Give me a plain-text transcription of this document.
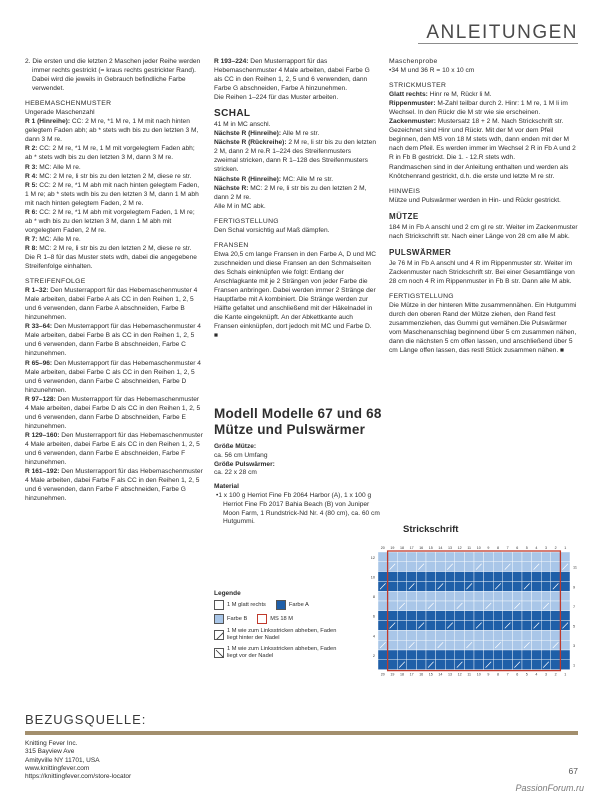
ANLEITUNGEN

2. Die ersten und die letzten 2 Maschen jeder Reihe werden immer rechts gestrickt (= kraus rechts gestrickter Rand). Dabei wird die jeweils in Gebrauch befindliche Farbe verwendet.

HEBEMASCHENMUSTER

Ungerade Maschenzahl

R 1 (Hinreihe): CC: 2 M re, *1 M re, 1 M mit nach hinten gelegtem Faden abh; ab * stets wdh bis zu den letzten 3 M, dann 3 M re.

R 2: CC: 2 M re, *1 M re, 1 M mit vorgelegtem Faden abh; ab * stets wdh bis zu den letzten 3 M, dann 3 M re.

R 3: MC: Alle M re.

R 4: MC: 2 M re, li str bis zu den letzten 2 M, diese re str.

R 5: CC: 2 M re, *1 M abh mit nach hinten gelegtem Faden, 1 M re; ab * stets wdh bis zu den letzten 3 M, dann 1 M abh mit nach hinten gelegtem Faden, 2 M re.

R 6: CC: 2 M re, *1 M abh mit vorgelegtem Faden, 1 M re; ab * wdh bis zu den letzten 3 M, dann 1 M abh mit vorgelegtem Faden, 2 M re.

R 7: MC: Alle M re.

R 8: MC: 2 M re, li str bis zu den letzten 2 M, diese re str.

Die R 1–8 für das Muster stets wdh, dabei die angegebene Streifenfolge einhalten.

STREIFENFOLGE

R 1–32: Den Musterrapport für das Hebemaschenmuster 4 Male arbeiten, dabei Farbe A als CC in den Reihen 1, 2, 5 und 6 verwenden, dann Farbe A abschneiden, Farbe B hinzunehmen.

R 33–64: Den Musterrapport für das Hebemaschenmuster 4 Male arbeiten, dabei Farbe B als CC in den Reihen 1, 2, 5 und 6 verwenden, dann Farbe B abschneiden, Farbe C hinzunehmen.

R 65–96: Den Musterrapport für das Hebemaschenmuster 4 Male arbeiten, dabei Farbe C als CC in den Reihen 1, 2, 5 und 6 verwenden, dann Farbe C abschneiden, Farbe D hinzunehmen.

R 97–128: Den Musterrapport für das Hebemaschenmuster 4 Male arbeiten, dabei Farbe D als CC in den Reihen 1, 2, 5 und 6 verwenden, dann Farbe D abschneiden, Farbe E hinzunehmen.

R 129–160: Den Musterrapport für das Hebemaschenmuster 4 Male arbeiten, dabei Farbe E als CC in den Reihen 1, 2, 5 und 6 verwenden, dann Farbe E abschneiden, Farbe F hinzunehmen.

R 161–192: Den Musterrapport für das Hebemaschenmuster 4 Male arbeiten, dabei Farbe F als CC in den Reihen 1, 2, 5 und 6 verwenden, dann Farbe F abschneiden, Farbe G hinzunehmen.

R 193–224: Den Musterrapport für das Hebemaschenmuster 4 Male arbeiten, dabei Farbe G als CC in den Reihen 1, 2, 5 und 6 verwenden, dann Farbe G abschneiden, Farbe A hinzunehmen.

Die Reihen 1–224 für das Muster arbeiten.

SCHAL

41 M in MC anschl.

Nächste R (Hinreihe): Alle M re str.

Nächste R (Rückreihe): 2 M re, li str bis zu den letzten 2 M, dann 2 M re.R 1–224 des Streifenmusters zweimal stricken, dann R 1–128 des Streifenmusters stricken.

Nächste R (Hinreihe): MC: Alle M re str.

Nächste R: MC: 2 M re, li str bis zu den letzten 2 M, dann 2 M re.

Alle M in MC abk.

FERTIGSTELLUNG

Den Schal vorsichtig auf Maß dämpfen.

FRANSEN

Etwa 20,5 cm lange Fransen in den Farbe A, D und MC zuschneiden und diese Fransen an den Schmalseiten des Schals einknüpfen wie folgt: Entlang der Anschlagkante mit je 2 Strängen von jeder Farbe die Fransen anbringen. Dabei werden immer 2 Stränge der Hauptfarbe mit A kombiniert. Die Stränge werden zur Hälfte gefaltet und anschließend mit der Häkelnadel in die Kante eingeknüpft. An der Abkettkante auch Fransen einknüpfen, dort jedoch mit MC und Farbe D. ■

Modell Modelle 67 und 68 Mütze und Pulswärmer

Größe Mütze:

ca. 56 cm Umfang

Größe Pulswärmer:

ca. 22 x 28 cm

Material

• 1 x 100 g Herriot Fine Fb 2064 Harbor (A), 1 x 100 g Herriot Fine Fb 2017 Bahia Beach (B) von Juniper Moon Farm, 1 Rundstrick-Nd Nr. 4 (80 cm), ca. 60 cm Hutgummi.

Legende
1 M glatt rechts	Farbe A
Farbe B	MS 18 M
1 M wie zum Linksstricken abheben, Faden liegt hinter der Nadel
1 M wie zum Linksstricken abheben, Faden liegt vor der Nadel

Maschenprobe

• 34 M und 36 R = 10 x 10 cm

STRICKMUSTER

Glatt rechts: Hinr re M, Rückr li M.

Rippenmuster: M-Zahl teilbar durch 2. Hinr: 1 M re, 1 M li im Wechsel. In den Rückr die M str wie sie erscheinen.

Zackenmuster: Mustersatz 18 + 2 M. Nach Strickschrift str. Gezeichnet sind Hinr und Rückr. Mit der M vor dem Pfeil beginnen, den MS von 18 M stets wdh, dann enden mit der M nach dem Pfeil. Es werden immer im Wechsel 2 R in Fb A und 2 R in Fb B gestrickt. Die 1. - 12.R stets wdh.

Randmaschen sind in der Anleitung enthalten und werden als Knötchenrand gestrickt, d.h. die erste und letzte M re str.

HINWEIS

Mütze und Pulswärmer werden in Hin- und Rückr gestrickt.

MÜTZE

184 M in Fb A anschl und 2 cm gl re str. Weiter im Zackenmuster nach Strickschrift str. Nach einer Länge von 28 cm alle M abk.

PULSWÄRMER

Je 76 M in Fb A anschl und 4 R im Rippenmuster str. Weiter im Zackenmuster nach Strickschrift str. Bei einer Gesamtlänge von 28 cm noch 4 R im Rippenmuster in Fb B str. Dann alle M abk.

FERTIGSTELLUNG

Die Mütze in der hinteren Mitte zusammennähen. Ein Hutgummi durch den oberen Rand der Mütze ziehen, den Rand fest zusammenziehen, das Gummi gut vernähen.Die Pulswärmer vom Maschenanschlag beginnend über 5 cm zusammen nähen, dann die nächsten 5 cm offen lassen, und anschließend über 5 cm Länge offen lassen, das restl Stück zusammen nähen. ■

Strickschrift
20 19 18 17 16 15 14 13 12 11 10 9 8 7 6 5 4 3 2 1
20 19 18 17 16 15 14 13 12 11 10 9 8 7 6 5 4 3 2 1
12
10
8
6
4
2
11
9
7
5
3
1
BEZUGSQUELLE:

Knitting Fever Inc.

315 Bayview Ave

Amityville NY 11701, USA

www.knittingfever.com

https://knittingfever.com/store-locator

67
PassionForum.ru
